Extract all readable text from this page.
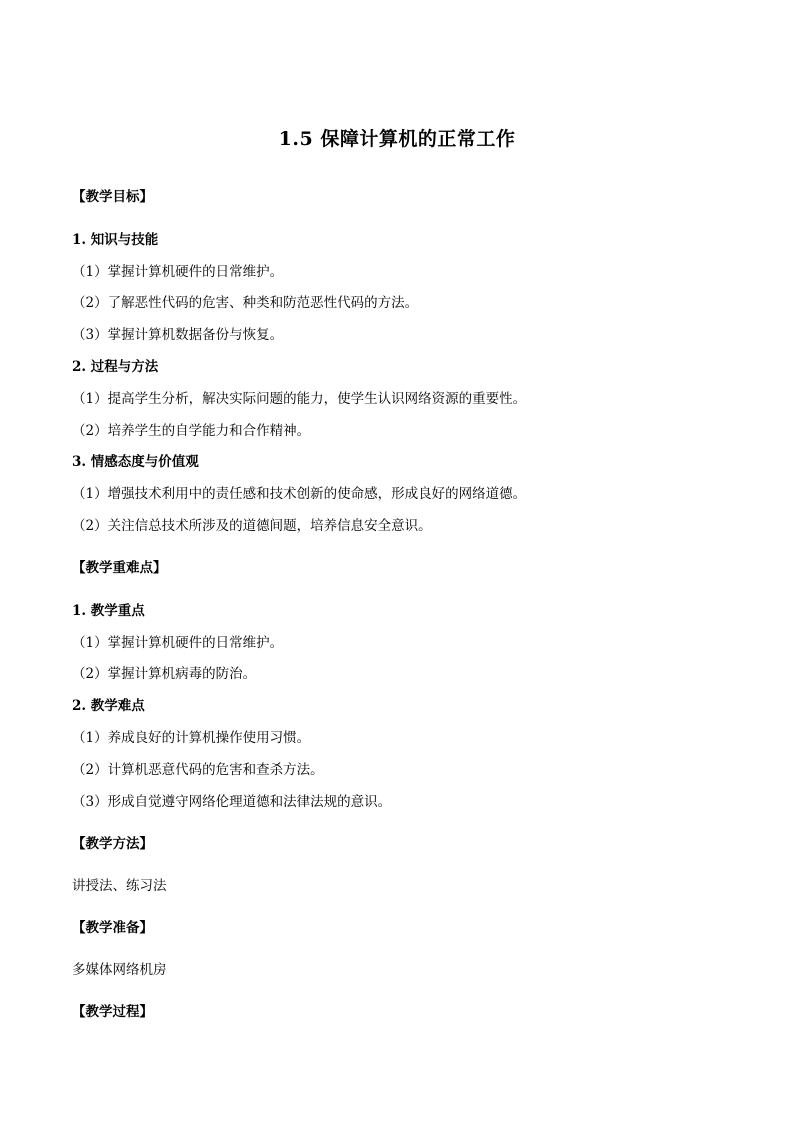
1.5 保障计算机的正常工作
【教学目标】
1. 知识与技能
（1）掌握计算机硬件的日常维护。
（2）了解恶性代码的危害、种类和防范恶性代码的方法。
（3）掌握计算机数据备份与恢复。
2. 过程与方法
（1）提高学生分析，解决实际问题的能力，使学生认识网络资源的重要性。
（2）培养学生的自学能力和合作精神。
3. 情感态度与价值观
（1）增强技术利用中的责任感和技术创新的使命感，形成良好的网络道德。
（2）关注信总技术所涉及的道德间题，培养信息安全意识。
【教学重难点】
1. 教学重点
（1）掌握计算机硬件的日常维护。
（2）掌握计算机病毒的防治。
2. 教学难点
（1）养成良好的计算机操作使用习惯。
（2）计算机恶意代码的危害和查杀方法。
（3）形成自觉遵守网络伦理道德和法律法规的意识。
【教学方法】
讲授法、练习法
【教学准备】
多媒体网络机房
【教学过程】
